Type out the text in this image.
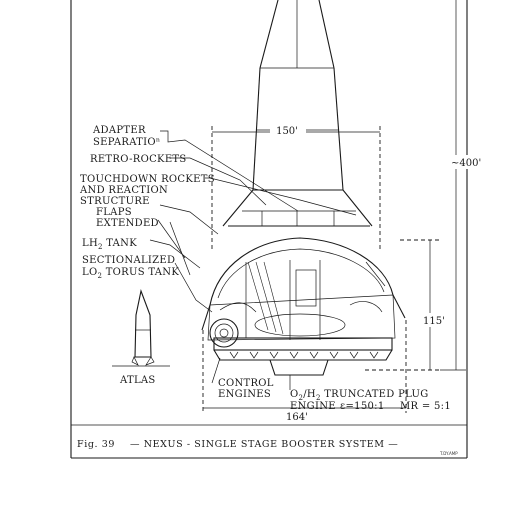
150'
~400'
115'
164'
ATLAS
ADAPTER
SEPARATIOⁿ
RETRO-ROCKETS
TOUCHDOWN ROCKETS
AND REACTION
STRUCTURE
FLAPS
EXTENDED
$LH_2$ TANK
SECTIONALIZED
$LO_2$ TORUS TANK
CONTROL
ENGINES $O_2/H_2$ TRUNCATED PLUG
ENGINE ε=150:1 MR = 5:1
Fig. 39 — NEXUS - SINGLE STAGE BOOSTER SYSTEM —
T.DY.AMP
